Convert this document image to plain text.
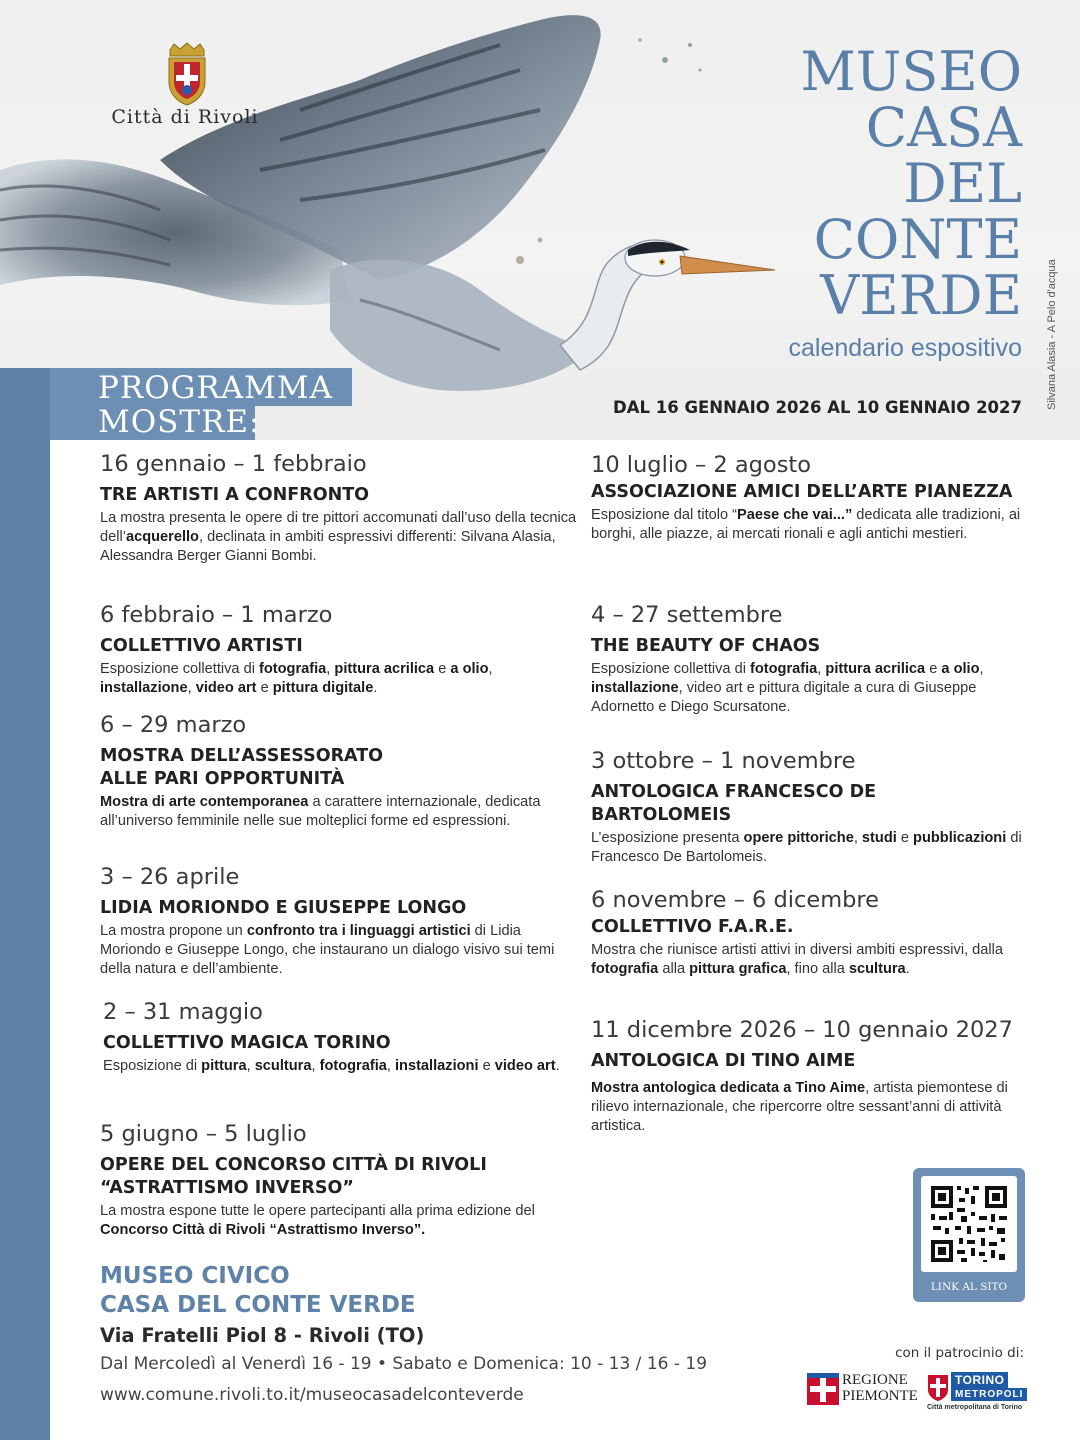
Città di Rivoli
MUSEO
CASA
DEL
CONTE
VERDE
calendario espositivo
DAL 16 GENNAIO 2026 AL 10 GENNAIO 2027 Silvana Alasia - A Pelo d'acqua
PROGRAMMA
MOSTRE:
16 gennaio – 1 febbraio
TRE ARTISTI A CONFRONTO
La mostra presenta le opere di tre pittori accomunati dall’uso della tecnica dell’acquerello, declinata in ambiti espressivi differenti: Silvana Alasia, Alessandra Berger Gianni Bombi.
6 febbraio – 1 marzo
COLLETTIVO ARTISTI
Esposizione collettiva di fotografia, pittura acrilica e a olio, installazione, video art e pittura digitale.
6 – 29 marzo
MOSTRA DELL’ASSESSORATO ALLE PARI OPPORTUNITÀ
Mostra di arte contemporanea a carattere internazionale, dedicata all’universo femminile nelle sue molteplici forme ed espressioni.
3 – 26 aprile
LIDIA MORIONDO E GIUSEPPE LONGO
La mostra propone un confronto tra i linguaggi artistici di Lidia Moriondo e Giuseppe Longo, che instaurano un dialogo visivo sui temi della natura e dell’ambiente.
2 – 31 maggio
COLLETTIVO MAGICA TORINO
Esposizione di pittura, scultura, fotografia, installazioni e video art.
5 giugno – 5 luglio
OPERE DEL CONCORSO CITTÀ DI RIVOLI “ASTRATTISMO INVERSO”
La mostra espone tutte le opere partecipanti alla prima edizione del Concorso Città di Rivoli “Astrattismo Inverso”.
10 luglio – 2 agosto
ASSOCIAZIONE AMICI DELL’ARTE PIANEZZA
Esposizione dal titolo “Paese che vai...” dedicata alle tradizioni, ai borghi, alle piazze, ai mercati rionali e agli antichi mestieri.
4 – 27 settembre
THE BEAUTY OF CHAOS
Esposizione collettiva di fotografia, pittura acrilica e a olio, installazione, video art e pittura digitale a cura di Giuseppe Adornetto e Diego Scursatone.
3 ottobre – 1 novembre
ANTOLOGICA FRANCESCO DE BARTOLOMEIS
L’esposizione presenta opere pittoriche, studi e pubblicazioni di Francesco De Bartolomeis.
6 novembre – 6 dicembre
COLLETTIVO F.A.R.E.
Mostra che riunisce artisti attivi in diversi ambiti espressivi, dalla fotografia alla pittura grafica, fino alla scultura.
11 dicembre 2026 – 10 gennaio 2027
ANTOLOGICA DI TINO AIME
Mostra antologica dedicata a Tino Aime, artista piemontese di rilievo internazionale, che ripercorre oltre sessant’anni di attività artistica.
LINK AL SITO
MUSEO CIVICO
CASA DEL CONTE VERDE
Via Fratelli Piol 8 - Rivoli (TO)
Dal Mercoledì al Venerdì 16 - 19 • Sabato e Domenica: 10 - 13 / 16 - 19
www.comune.rivoli.to.it/museocasadelconteverde
con il patrocinio di:
REGIONE
PIEMONTE
TORINO
METROPOLI
Città metropolitana di Torino
